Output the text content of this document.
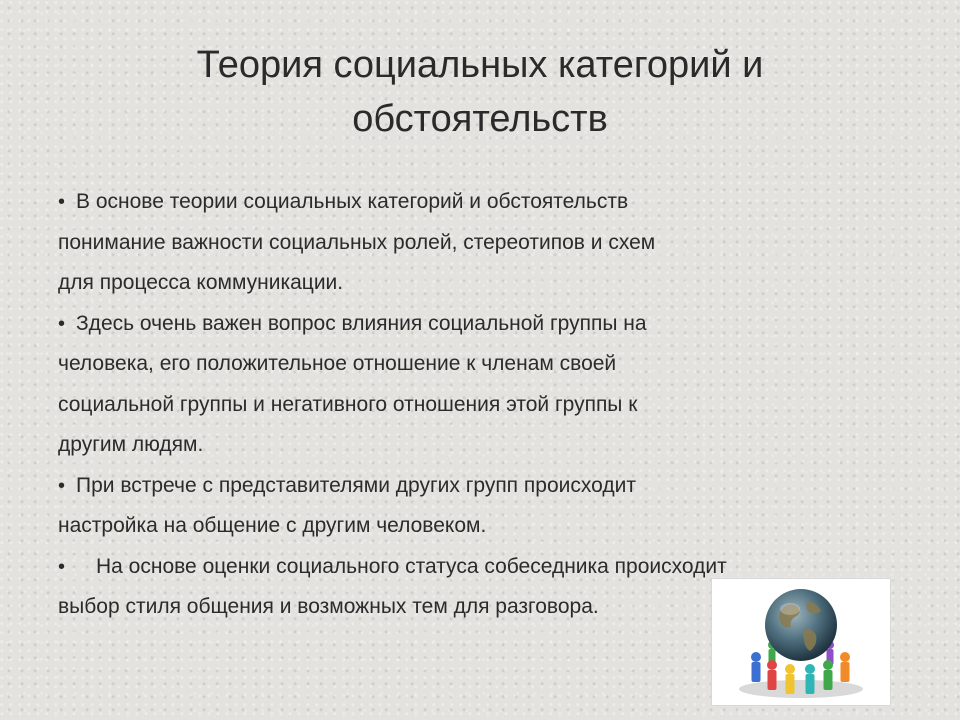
Теория социальных категорий и обстоятельств

• В основе теории социальных категорий и обстоятельств
понимание важности социальных ролей, стереотипов и схем
для процесса коммуникации.

• Здесь очень важен вопрос влияния социальной группы на
человека, его положительное отношение к членам своей
социальной группы и негативного отношения этой группы к
другим людям.

• При встрече с представителями других групп происходит
настройка на общение с другим человеком.

• На основе оценки социального статуса собеседника происходит
выбор стиля общения и возможных тем для разговора.
